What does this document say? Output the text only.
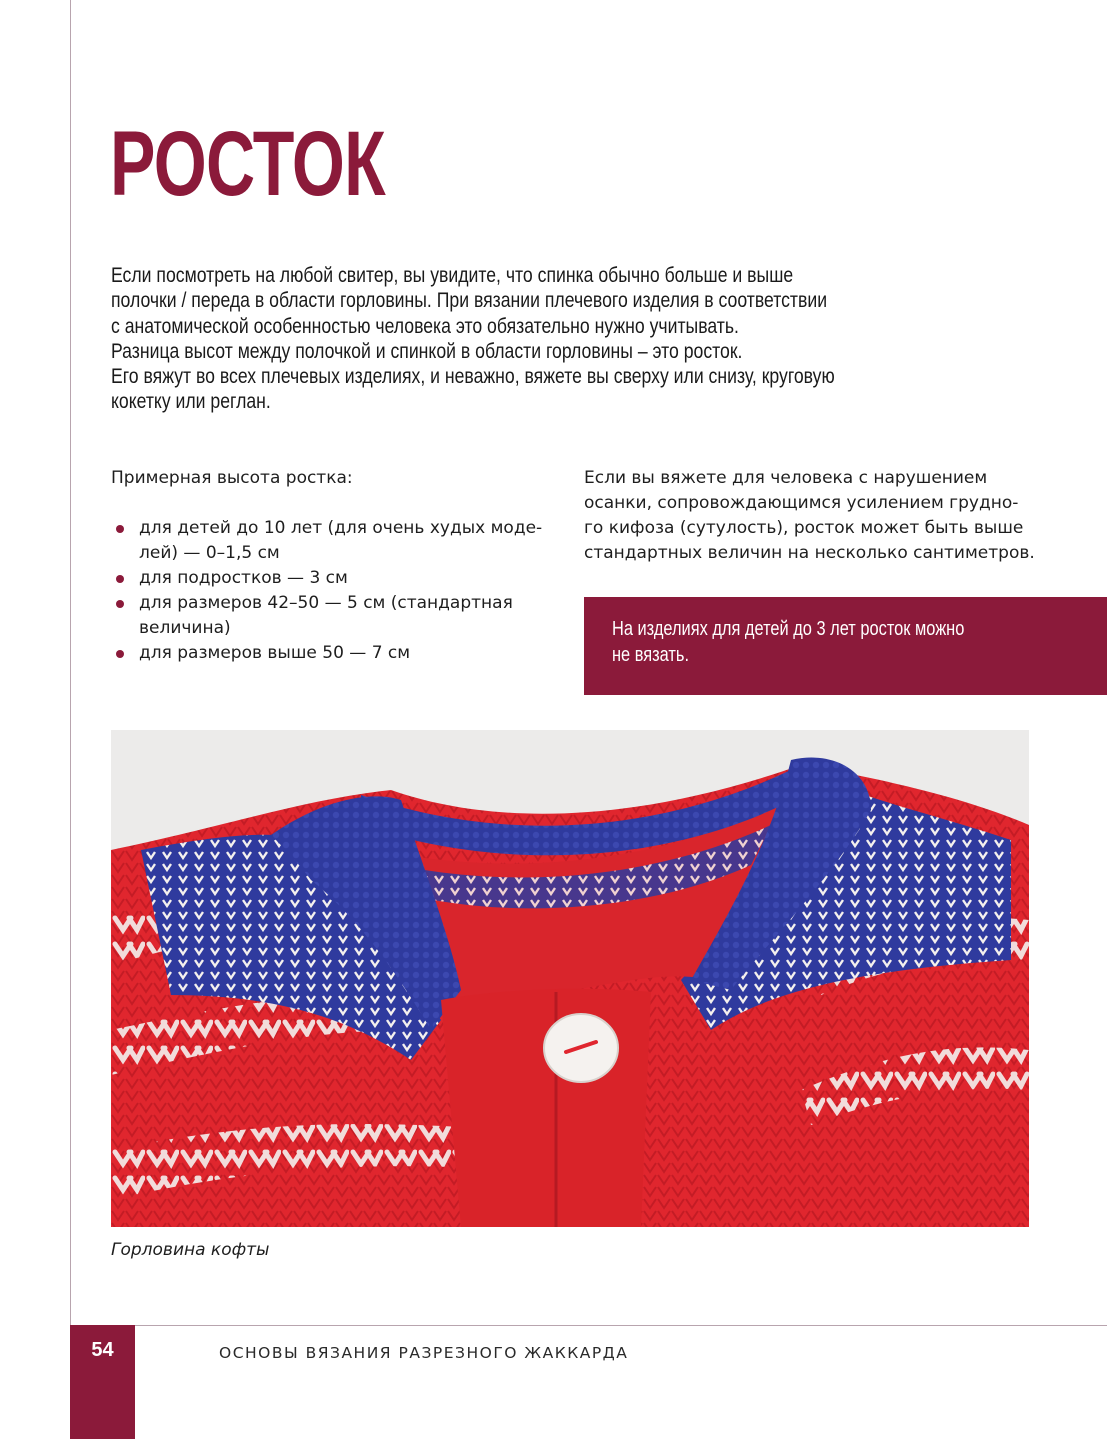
РОСТОК

Если посмотреть на любой свитер, вы увидите, что спинка обычно больше и выше

полочки / переда в области горловины. При вязании плечевого изделия в соответствии

с анатомической особенностью человека это обязательно нужно учитывать.

Разница высот между полочкой и спинкой в области горловины – это росток.

Его вяжут во всех плечевых изделиях, и неважно, вяжете вы сверху или снизу, круговую

кокетку или реглан.

Примерная высота ростка:

для детей до 10 лет (для очень худых моде-
лей) — 0–1,5 см
для подростков — 3 см
для размеров 42–50 — 5 см (стандартная
величина)
для размеров выше 50 — 7 см

Если вы вяжете для человека с нарушением

осанки, сопровождающимся усилением грудно-

го кифоза (сутулость), росток может быть выше

стандартных величин на несколько сантиметров.

На изделиях для детей до 3 лет росток можно
не вязать.

Горловина кофты

54	ОСНОВЫ ВЯЗАНИЯ РАЗРЕЗНОГО ЖАККАРДА
